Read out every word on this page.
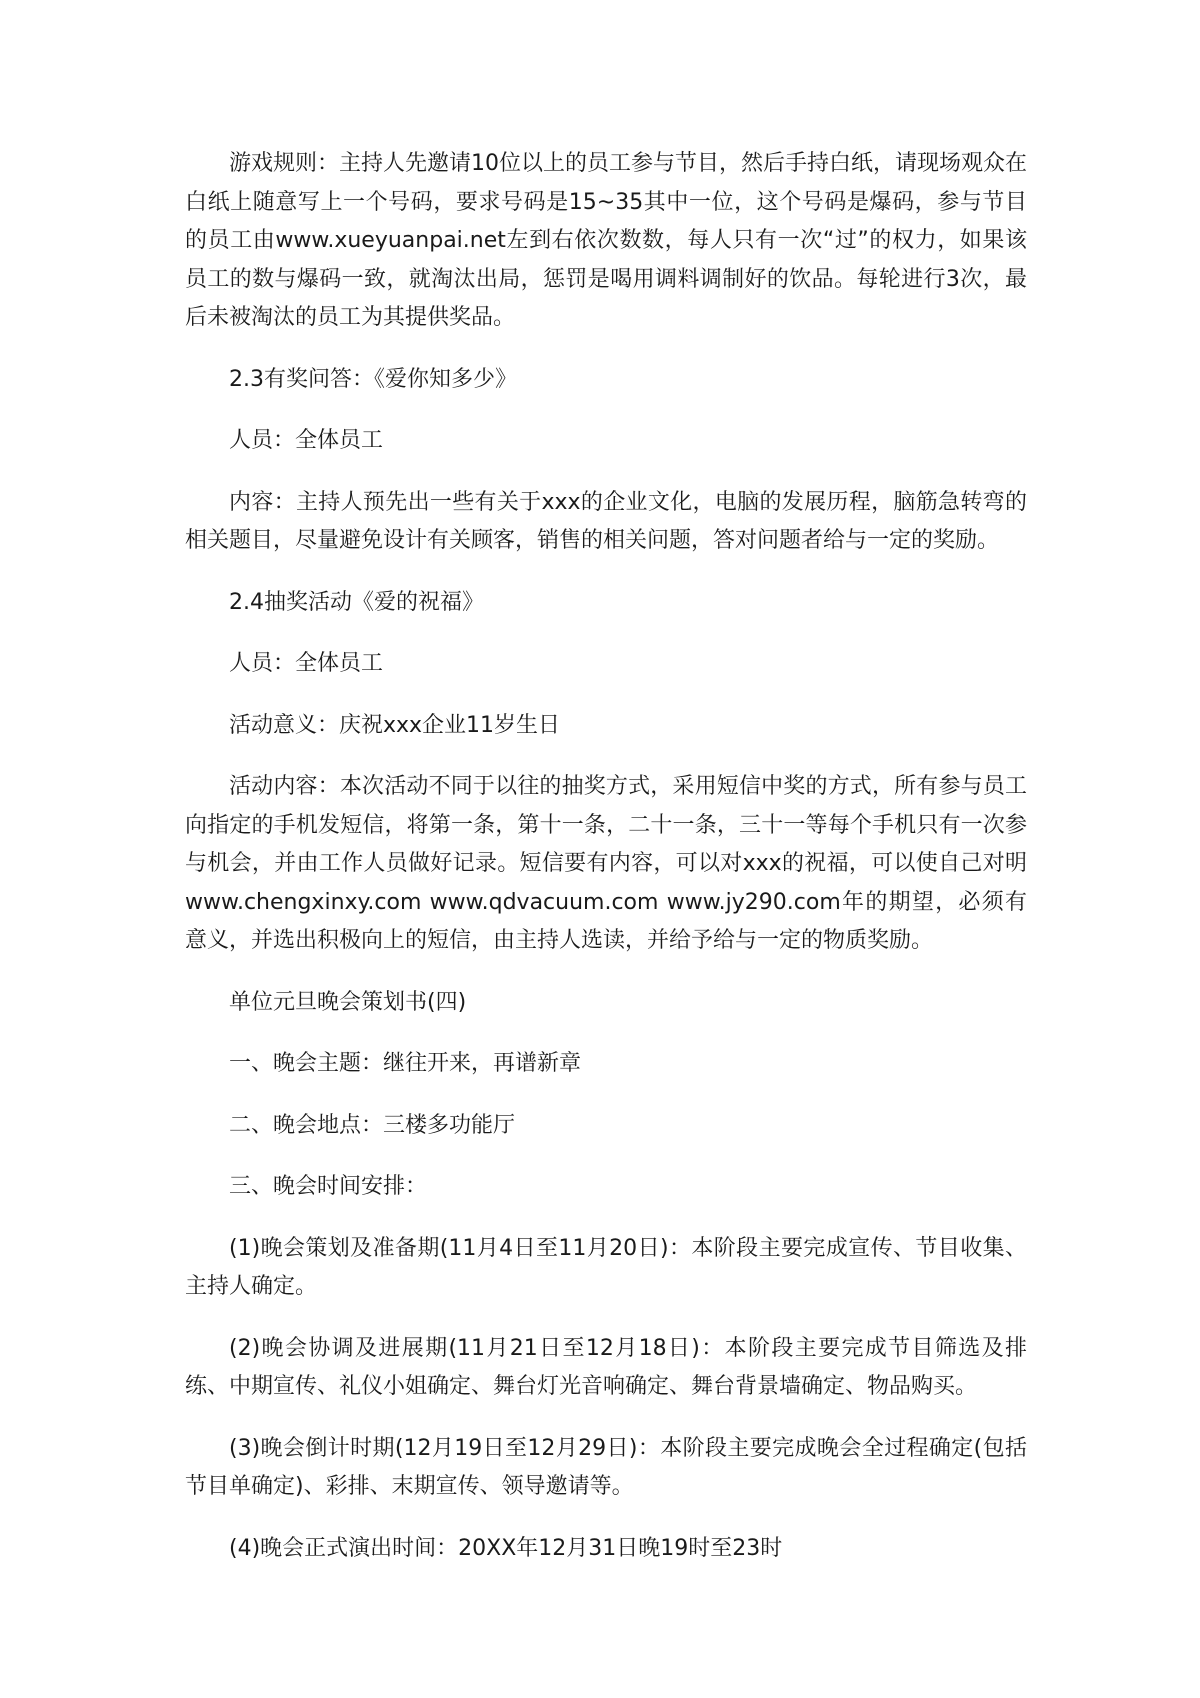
游戏规则：主持人先邀请10位以上的员工参与节目，然后手持白纸，请现场观众在白纸上随意写上一个号码，要求号码是15~35其中一位，这个号码是爆码，参与节目的员工由www.xueyuanpai.net左到右依次数数，每人只有一次“过”的权力，如果该员工的数与爆码一致，就淘汰出局，惩罚是喝用调料调制好的饮品。每轮进行3次，最后未被淘汰的员工为其提供奖品。

2.3有奖问答：《爱你知多少》

人员：全体员工

内容：主持人预先出一些有关于xxx的企业文化，电脑的发展历程，脑筋急转弯的相关题目，尽量避免设计有关顾客，销售的相关问题，答对问题者给与一定的奖励。

2.4抽奖活动《爱的祝福》

人员：全体员工

活动意义：庆祝xxx企业11岁生日

活动内容：本次活动不同于以往的抽奖方式，采用短信中奖的方式，所有参与员工向指定的手机发短信，将第一条，第十一条，二十一条，三十一等每个手机只有一次参与机会，并由工作人员做好记录。短信要有内容，可以对xxx的祝福，可以使自己对明www.chengxinxy.com www.qdvacuum.com www.jy290.com年的期望，必须有意义，并选出积极向上的短信，由主持人选读，并给予给与一定的物质奖励。

单位元旦晚会策划书(四)

一、晚会主题：继往开来，再谱新章

二、晚会地点：三楼多功能厅

三、晚会时间安排：

(1)晚会策划及准备期(11月4日至11月20日)：本阶段主要完成宣传、节目收集、主持人确定。

(2)晚会协调及进展期(11月21日至12月18日)：本阶段主要完成节目筛选及排练、中期宣传、礼仪小姐确定、舞台灯光音响确定、舞台背景墙确定、物品购买。

(3)晚会倒计时期(12月19日至12月29日)：本阶段主要完成晚会全过程确定(包括节目单确定)、彩排、末期宣传、领导邀请等。

(4)晚会正式演出时间：20XX年12月31日晚19时至23时
